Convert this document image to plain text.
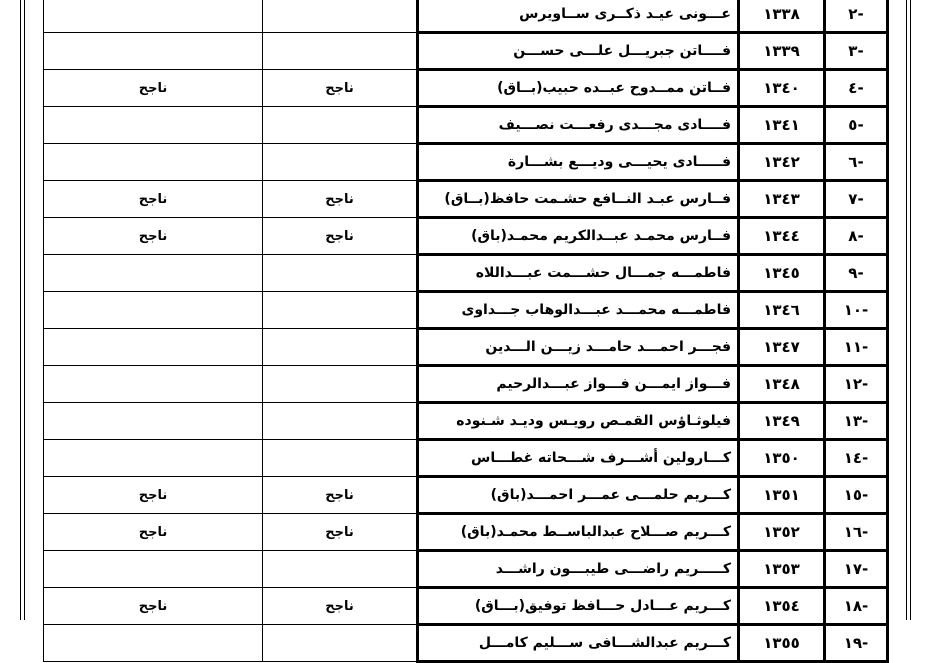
-٢	١٣٣٨	عـــونى عيـد ذكــرى ســاويرس		
-٣	١٣٣٩	فــــاتن جبريـــل علـــى حســـن		
-٤	١٣٤٠	فــاتن ممــدوح عبــده حبيب(بــاق)	ناجح	ناجح
-٥	١٣٤١	فــــادى مجـــدى رفعـــت نصـــيف		
-٦	١٣٤٢	فـــــادى يحيـــى وديـــع بشـــارة		
-٧	١٣٤٣	فــارس عبـد النــافع حشـمت حافظ(بــاق)	ناجح	ناجح
-٨	١٣٤٤	فــارس محمـد عبــدالكريم محمـد(باق)	ناجح	ناجح
-٩	١٣٤٥	فاطمـــه جمـــال حشـــمت عبـــداللاه		
-١٠	١٣٤٦	فاطمـــه محمـــد عبـــدالوهاب جـــداوى		
-١١	١٣٤٧	فجـــر احمـــد حامـــد زيـــن الـــدين		
-١٢	١٣٤٨	فـــواز ايمـــن فـــواز عبـــدالرحيم		
-١٣	١٣٤٩	فيلوثـاؤس القمـص رويـس وديـد شـنوده		
-١٤	١٣٥٠	كـــارولين أشـــرف شـــحاته غطـــاس		
-١٥	١٣٥١	كـــريم حلمـــى عمـــر احمـــد(باق)	ناجح	ناجح
-١٦	١٣٥٢	كـــريم صـــلاح عبدالباســط محمـد(باق)	ناجح	ناجح
-١٧	١٣٥٣	كـــــريم راضـــى طيبـــون راشـــد		
-١٨	١٣٥٤	كـــريم عـــادل حـــافظ توفيق(بـــاق)	ناجح	ناجح
-١٩	١٣٥٥	كـــريم عبدالشـــافى ســـليم كامـــل		
